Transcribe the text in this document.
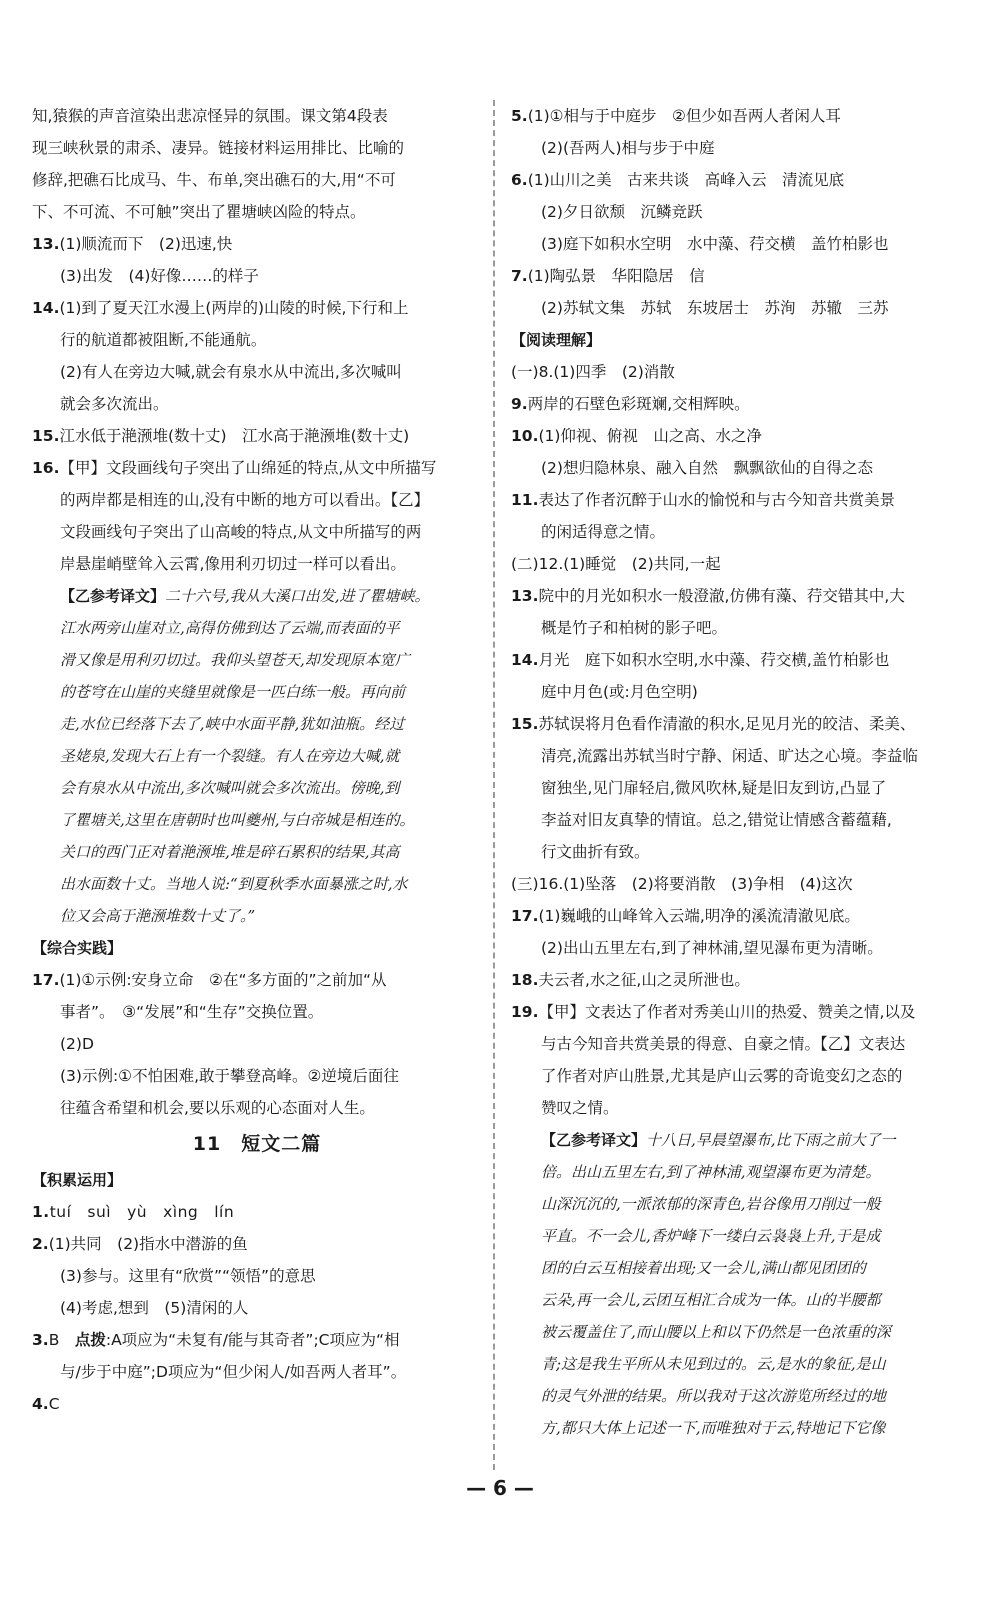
知,猿猴的声音渲染出悲凉怪异的氛围。课文第4段表
现三峡秋景的肃杀、凄异。链接材料运用排比、比喻的
修辞,把礁石比成马、牛、布单,突出礁石的大,用“不可
下、不可流、不可触”突出了瞿塘峡凶险的特点。
13.(1)顺流而下　(2)迅速,快
(3)出发　(4)好像……的样子
14.(1)到了夏天江水漫上(两岸的)山陵的时候,下行和上
行的航道都被阻断,不能通航。
(2)有人在旁边大喊,就会有泉水从中流出,多次喊叫
就会多次流出。
15.江水低于滟滪堆(数十丈)　江水高于滟滪堆(数十丈)
16.【甲】文段画线句子突出了山绵延的特点,从文中所描写
的两岸都是相连的山,没有中断的地方可以看出。【乙】
文段画线句子突出了山高峻的特点,从文中所描写的两
岸悬崖峭壁耸入云霄,像用利刃切过一样可以看出。
【乙参考译文】二十六号,我从大溪口出发,进了瞿塘峡。
江水两旁山崖对立,高得仿佛到达了云端,而表面的平
滑又像是用利刃切过。我仰头望苍天,却发现原本宽广
的苍穹在山崖的夹缝里就像是一匹白练一般。再向前
走,水位已经落下去了,峡中水面平静,犹如油瓶。经过
圣姥泉,发现大石上有一个裂缝。有人在旁边大喊,就
会有泉水从中流出,多次喊叫就会多次流出。傍晚,到
了瞿塘关,这里在唐朝时也叫夔州,与白帝城是相连的。
关口的西门正对着滟滪堆,堆是碎石累积的结果,其高
出水面数十丈。当地人说:“到夏秋季水面暴涨之时,水
位又会高于滟滪堆数十丈了。”
【综合实践】
17.(1)①示例:安身立命　②在“多方面的”之前加“从
事者”。　③“发展”和“生存”交换位置。
(2)D
(3)示例:①不怕困难,敢于攀登高峰。②逆境后面往
往蕴含希望和机会,要以乐观的心态面对人生。
11　短文二篇
【积累运用】
1.tuí　suì　yù　xìng　lín
2.(1)共同　(2)指水中潜游的鱼
(3)参与。这里有“欣赏”“领悟”的意思
(4)考虑,想到　(5)清闲的人
3.B　点拨:A项应为“未复有/能与其奇者”;C项应为“相
与/步于中庭”;D项应为“但少闲人/如吾两人者耳”。
4.C
5.(1)①相与于中庭步　②但少如吾两人者闲人耳
(2)(吾两人)相与步于中庭
6.(1)山川之美　古来共谈　高峰入云　清流见底
(2)夕日欲颓　沉鳞竞跃
(3)庭下如积水空明　水中藻、荇交横　盖竹柏影也
7.(1)陶弘景　华阳隐居　信
(2)苏轼文集　苏轼　东坡居士　苏洵　苏辙　三苏
【阅读理解】
(一)8.(1)四季　(2)消散
9.两岸的石壁色彩斑斓,交相辉映。
10.(1)仰视、俯视　山之高、水之净
(2)想归隐林泉、融入自然　飘飘欲仙的自得之态
11.表达了作者沉醉于山水的愉悦和与古今知音共赏美景
的闲适得意之情。
(二)12.(1)睡觉　(2)共同,一起
13.院中的月光如积水一般澄澈,仿佛有藻、荇交错其中,大
概是竹子和柏树的影子吧。
14.月光　庭下如积水空明,水中藻、荇交横,盖竹柏影也
庭中月色(或:月色空明)
15.苏轼误将月色看作清澈的积水,足见月光的皎洁、柔美、
清亮,流露出苏轼当时宁静、闲适、旷达之心境。李益临
窗独坐,见门扉轻启,微风吹林,疑是旧友到访,凸显了
李益对旧友真挚的情谊。总之,错觉让情感含蓄蕴藉,
行文曲折有致。
(三)16.(1)坠落　(2)将要消散　(3)争相　(4)这次
17.(1)巍峨的山峰耸入云端,明净的溪流清澈见底。
(2)出山五里左右,到了神林浦,望见瀑布更为清晰。
18.夫云者,水之征,山之灵所泄也。
19.【甲】文表达了作者对秀美山川的热爱、赞美之情,以及
与古今知音共赏美景的得意、自豪之情。【乙】文表达
了作者对庐山胜景,尤其是庐山云雾的奇诡变幻之态的
赞叹之情。
【乙参考译文】十八日,早晨望瀑布,比下雨之前大了一
倍。出山五里左右,到了神林浦,观望瀑布更为清楚。
山深沉沉的,一派浓郁的深青色,岩谷像用刀削过一般
平直。不一会儿,香炉峰下一缕白云袅袅上升,于是成
团的白云互相接着出现;又一会儿,满山都见团团的
云朵,再一会儿,云团互相汇合成为一体。山的半腰都
被云覆盖住了,而山腰以上和以下仍然是一色浓重的深
青;这是我生平所从未见到过的。云,是水的象征,是山
的灵气外泄的结果。所以我对于这次游览所经过的地
方,都只大体上记述一下,而唯独对于云,特地记下它像
— 6 —
